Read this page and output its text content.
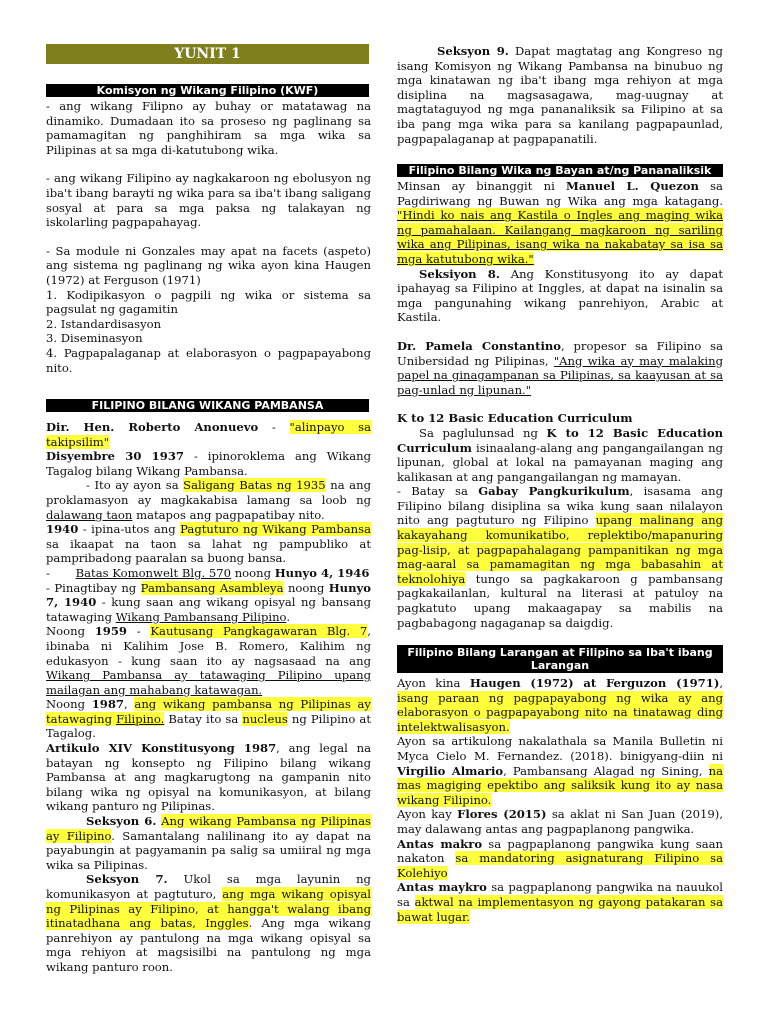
YUNIT 1
Komisyon ng Wikang Filipino (KWF)

- ang wikang Filipno ay buhay or matatawag na dinamiko. Dumadaan ito sa proseso ng paglinang sa pamamagitan ng panghihiram sa mga wika sa Pilipinas at sa mga di-katutubong wika.

- ang wikang Filipino ay nagkakaroon ng ebolusyon ng iba't ibang barayti ng wika para sa iba't ibang saligang sosyal at para sa mga paksa ng talakayan ng iskolarling pagpapahayag.

- Sa module ni Gonzales may apat na facets (aspeto) ang sistema ng paglinang ng wika ayon kina Haugen (1972) at Ferguson (1971)

1. Kodipikasyon o pagpili ng wika or sistema sa pagsulat ng gagamitin

2. Istandardisasyon

3. Diseminasyon

4. Pagpapalaganap at elaborasyon o pagpapayabong nito.

FILIPINO BILANG WIKANG PAMBANSA

Dir. Hen. Roberto Anonuevo - "alinpayo sa takipsilim"

Disyembre 30 1937 - ipinoroklema ang Wikang Tagalog bilang Wikang Pambansa.

- Ito ay ayon sa Saligang Batas ng 1935 na ang proklamasyon ay magkakabisa lamang sa loob ng dalawang taon matapos ang pagpapatibay nito.

1940 - ipina-utos ang Pagtuturo ng Wikang Pambansa sa ikaapat na taon sa lahat ng pampubliko at pampribadong paaralan sa buong bansa.

- Batas Komonwelt Blg. 570 noong Hunyo 4, 1946

- Pinagtibay ng Pambansang Asambleya noong Hunyo 7, 1940 - kung saan ang wikang opisyal ng bansang tatawaging Wikang Pambansang Pilipino.

Noong 1959 - Kautusang Pangkagawaran Blg. 7, ibinaba ni Kalihim Jose B. Romero, Kalihim ng edukasyon - kung saan ito ay nagsasaad na ang Wikang Pambansa ay tatawaging Pilipino upang mailagan ang mahabang katawagan.

Noong 1987, ang wikang pambansa ng Pilipinas ay tatawaging Filipino. Batay ito sa nucleus ng Pilipino at Tagalog.

Artikulo XIV Konstitusyong 1987, ang legal na batayan ng konsepto ng Filipino bilang wikang Pambansa at ang magkarugtong na gampanin nito bilang wika ng opisyal na komunikasyon, at bilang wikang panturo ng Pilipinas.

Seksyon 6. Ang wikang Pambansa ng Pilipinas ay Filipino. Samantalang nalilinang ito ay dapat na payabungin at pagyamanin pa salig sa umiiral ng mga wika sa Pilipinas.

Seksyon 7. Ukol sa mga layunin ng komunikasyon at pagtuturo, ang mga wikang opisyal ng Pilipinas ay Filipino, at hangga't walang ibang itinatadhana ang batas, Inggles. Ang mga wikang panrehiyon ay pantulong na mga wikang opisyal sa mga rehiyon at magsisilbi na pantulong ng mga wikang panturo roon.

Seksyon 9. Dapat magtatag ang Kongreso ng isang Komisyon ng Wikang Pambansa na binubuo ng mga kinatawan ng iba't ibang mga rehiyon at mga disiplina na magsasagawa, mag-uugnay at magtataguyod ng mga pananaliksik sa Filipino at sa iba pang mga wika para sa kanilang pagpapaunlad, pagpapalaganap at pagpapanatili.

Filipino Bilang Wika ng Bayan at/ng Pananaliksik

Minsan ay binanggit ni Manuel L. Quezon sa Pagdiriwang ng Buwan ng Wika ang mga katagang. "Hindi ko nais ang Kastila o Ingles ang maging wika ng pamahalaan. Kailangang magkaroon ng sariling wika ang Pilipinas, isang wika na nakabatay sa isa sa mga katutubong wika."

Seksiyon 8. Ang Konstitusyong ito ay dapat ipahayag sa Filipino at Inggles, at dapat na isinalin sa mga pangunahing wikang panrehiyon, Arabic at Kastila.

Dr. Pamela Constantino, propesor sa Filipino sa Unibersidad ng Pilipinas, "Ang wika ay may malaking papel na ginagampanan sa Pilipinas, sa kaayusan at sa pag-unlad ng lipunan."

K to 12 Basic Education Curriculum

Sa paglulunsad ng K to 12 Basic Education Curriculum isinaalang-alang ang pangangailangan ng lipunan, global at lokal na pamayanan maging ang kalikasan at ang pangangailangan ng mamayan.

- Batay sa Gabay Pangkurikulum, isasama ang Filipino bilang disiplina sa wika kung saan nilalayon nito ang pagtuturo ng Filipino upang malinang ang kakayahang komunikatibo, replektibo/mapanuring pag-lisip, at pagpapahalagang pampanitikan ng mga mag-aaral sa pamamagitan ng mga babasahin at teknolohiya tungo sa pagkakaroon g pambansang pagkakailanlan, kultural na literasi at patuloy na pagkatuto upang makaagapay sa mabilis na pagbabagong nagaganap sa daigdig.

Filipino Bilang Larangan at Filipino sa Iba't ibang Larangan

Ayon kina Haugen (1972) at Ferguzon (1971), isang paraan ng pagpapayabong ng wika ay ang elaborasyon o pagpapayabong nito na tinatawag ding intelektwalisasyon.

Ayon sa artikulong nakalathala sa Manila Bulletin ni Myca Cielo M. Fernandez. (2018). binigyang-diin ni Virgilio Almario, Pambansang Alagad ng Sining, na mas magiging epektibo ang saliksik kung ito ay nasa wikang Filipino.

Ayon kay Flores (2015) sa aklat ni San Juan (2019), may dalawang antas ang pagpaplanong pangwika.

Antas makro sa pagpaplanong pangwika kung saan nakaton sa mandatoring asignaturang Filipino sa Kolehiyo

Antas maykro sa pagpaplanong pangwika na nauukol sa aktwal na implementasyon ng gayong patakaran sa bawat lugar.
